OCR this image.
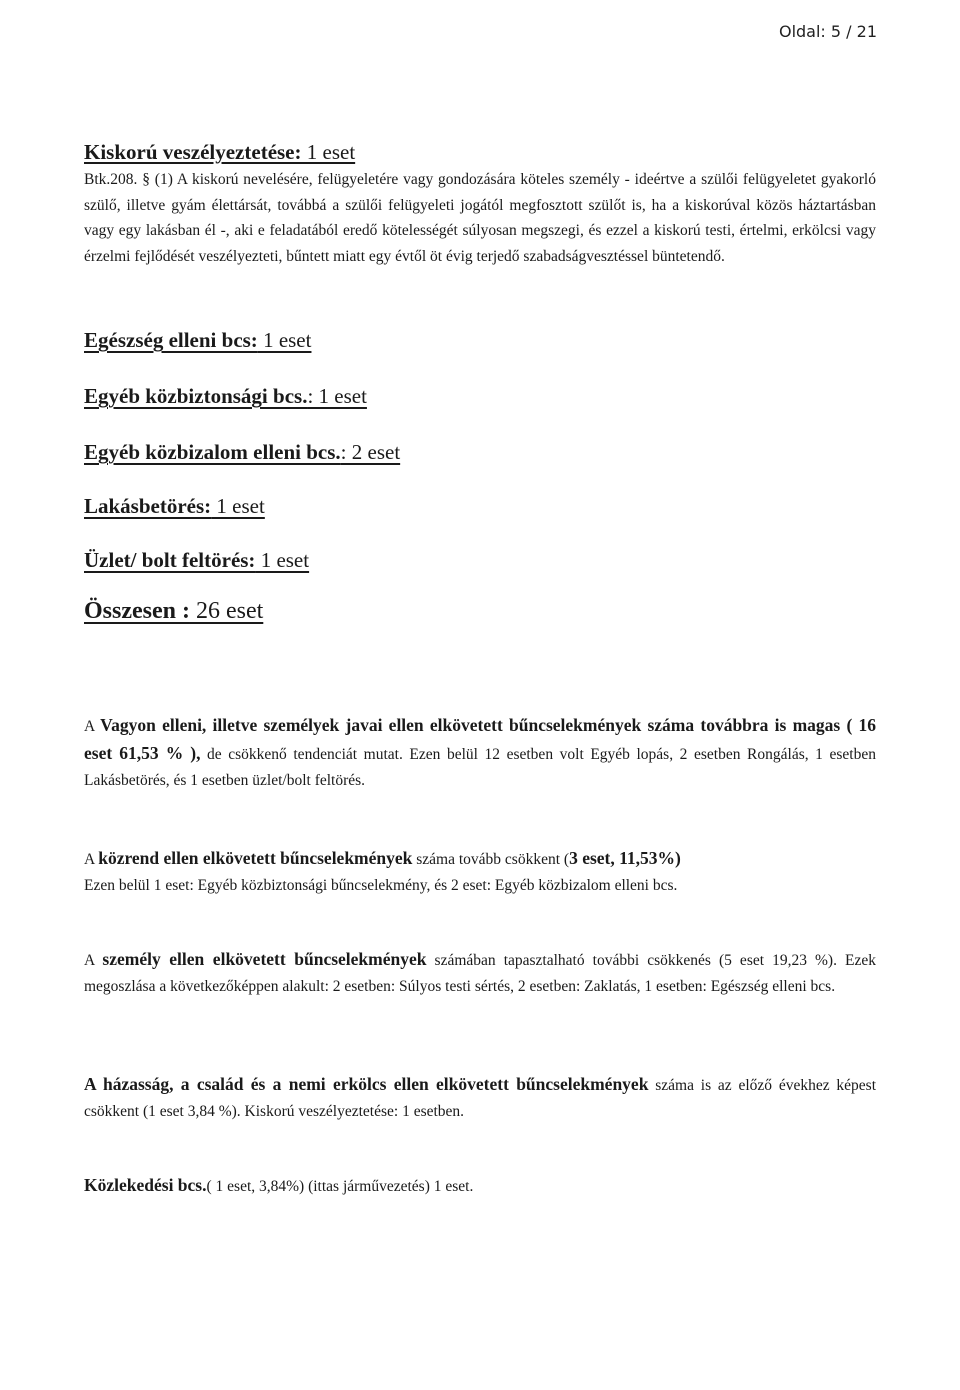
Oldal: 5 / 21

Kiskorú veszélyeztetése: 1 eset

Btk.208. § (1) A kiskorú nevelésére, felügyeletére vagy gondozására köteles személy - ideértve a szülői felügyeletet gyakorló szülő, illetve gyám élettársát, továbbá a szülői felügyeleti jogától megfosztott szülőt is, ha a kiskorúval közös háztartásban vagy egy lakásban él -, aki e feladatából eredő kötelességét súlyosan megszegi, és ezzel a kiskorú testi, értelmi, erkölcsi vagy érzelmi fejlődését veszélyezteti, bűntett miatt egy évtől öt évig terjedő szabadságvesztéssel büntetendő.

Egészség elleni bcs: 1 eset

Egyéb közbiztonsági bcs.: 1 eset

Egyéb közbizalom elleni bcs.: 2 eset

Lakásbetörés: 1 eset

Üzlet/ bolt feltörés: 1 eset

Összesen : 26 eset

A Vagyon elleni, illetve személyek javai ellen elkövetett bűncselekmények száma továbbra is magas ( 16 eset 61,53 % ), de csökkenő tendenciát mutat. Ezen belül 12 esetben volt Egyéb lopás, 2 esetben Rongálás, 1 esetben Lakásbetörés, és 1 esetben üzlet/bolt feltörés.
A közrend ellen elkövetett bűncselekmények száma tovább csökkent (3 eset, 11,53%)
Ezen belül 1 eset: Egyéb közbiztonsági bűncselekmény, és 2 eset: Egyéb közbizalom elleni bcs.
A személy ellen elkövetett bűncselekmények számában tapasztalható további csökkenés (5 eset 19,23 %). Ezek megoszlása a következőképpen alakult: 2 esetben: Súlyos testi sértés, 2 esetben: Zaklatás, 1 esetben: Egészség elleni bcs.
A házasság, a család és a nemi erkölcs ellen elkövetett bűncselekmények száma is az előző évekhez képest csökkent (1 eset 3,84 %). Kiskorú veszélyeztetése: 1 esetben.
Közlekedési bcs.( 1 eset, 3,84%) (ittas járművezetés) 1 eset.
